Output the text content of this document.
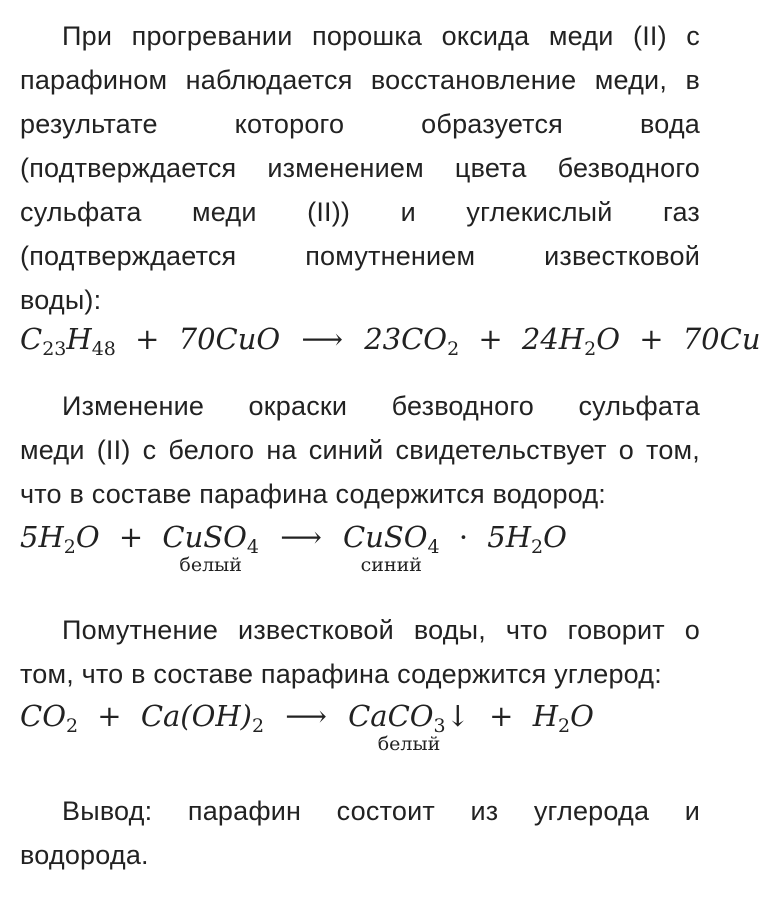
При прогревании порошка оксида меди (II) с
парафином наблюдается восстановление меди, в
результате которого образуется вода
(подтверждается изменением цвета безводного
сульфата меди (II)) и углекислый газ
(подтверждается помутнением известковой
воды):
$C_{23}H_{48} + 70CuO$ ⟶ $23CO_2 + 24H_2O + 70Cu$
Изменение окраски безводного сульфата
меди (II) с белого на синий свидетельствует о том,
что в составе парафина содержится водород:
$5H_2O$ + CuSO$_4$
белый
⟶ CuSO$_4$
синий
· $5H_2O$
Помутнение известковой воды, что говорит о
том, что в составе парафина содержится углерод:
$CO_2 + Ca(OH)_2$ ⟶ CaCO$_3$↓
белый
+ $H_2O$
Вывод: парафин состоит из углерода и
водорода.
